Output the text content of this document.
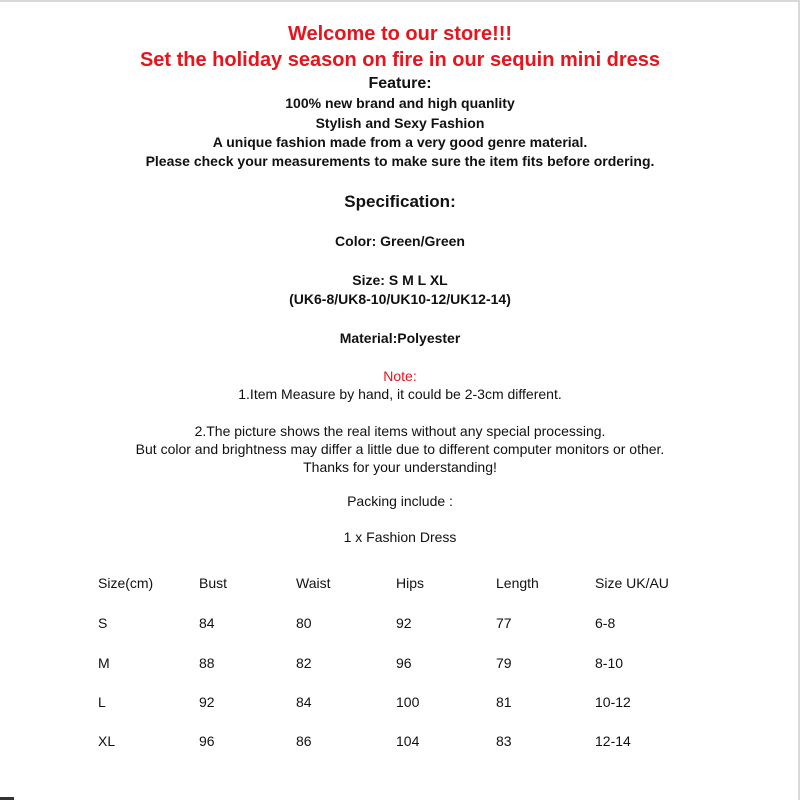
Welcome to our store!!!
Set the holiday season on fire in our sequin mini dress
Feature:
100% new brand and high quanlity
Stylish and Sexy Fashion
A unique fashion made from a very good genre material.
Please check your measurements to make sure the item fits before ordering.
Specification:
Color: Green/Green
Size: S M L XL
(UK6-8/UK8-10/UK10-12/UK12-14)
Material:Polyester
Note:
1.Item Measure by hand, it could be 2-3cm different.
2.The picture shows the real items without any special processing.
But color and brightness may differ a little due to different computer monitors or other.
Thanks for your understanding!
Packing include :
1 x Fashion Dress
Size(cm)	Bust	Waist	Hips	Length	Size UK/AU
S	84	80	92	77	6-8
M	88	82	96	79	8-10
L	92	84	100	81	10-12
XL	96	86	104	83	12-14
